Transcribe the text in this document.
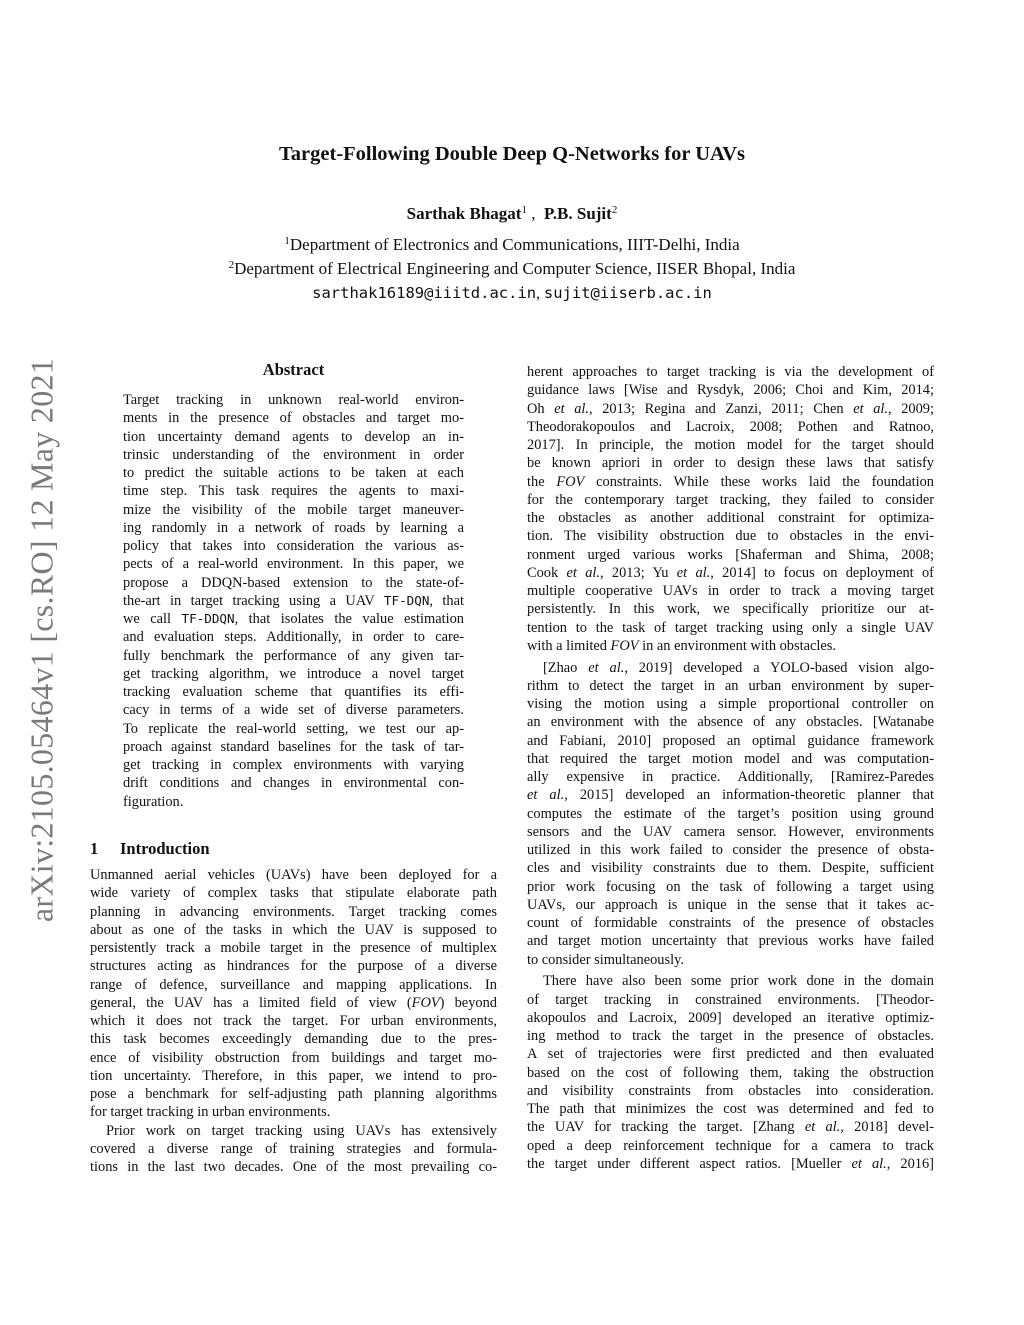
arXiv:2105.05464v1 [cs.RO] 12 May 2021
Target-Following Double Deep Q-Networks for UAVs
Sarthak Bhagat$^1$ , P.B. Sujit$^2$
$^1$Department of Electronics and Communications, IIIT-Delhi, India
$^2$Department of Electrical Engineering and Computer Science, IISER Bhopal, India
sarthak16189@iiitd.ac.in, sujit@iiserb.ac.in
Abstract
Target tracking in unknown real-world environ-
ments in the presence of obstacles and target mo-
tion uncertainty demand agents to develop an in-
trinsic understanding of the environment in order
to predict the suitable actions to be taken at each
time step. This task requires the agents to maxi-
mize the visibility of the mobile target maneuver-
ing randomly in a network of roads by learning a
policy that takes into consideration the various as-
pects of a real-world environment. In this paper, we
propose a DDQN-based extension to the state-of-
the-art in target tracking using a UAV TF-DQN, that
we call TF-DDQN, that isolates the value estimation
and evaluation steps. Additionally, in order to care-
fully benchmark the performance of any given tar-
get tracking algorithm, we introduce a novel target
tracking evaluation scheme that quantifies its effi-
cacy in terms of a wide set of diverse parameters.
To replicate the real-world setting, we test our ap-
proach against standard baselines for the task of tar-
get tracking in complex environments with varying
drift conditions and changes in environmental con-
figuration.
1 Introduction
Unmanned aerial vehicles (UAVs) have been deployed for a
wide variety of complex tasks that stipulate elaborate path
planning in advancing environments. Target tracking comes
about as one of the tasks in which the UAV is supposed to
persistently track a mobile target in the presence of multiplex
structures acting as hindrances for the purpose of a diverse
range of defence, surveillance and mapping applications. In
general, the UAV has a limited field of view (FOV) beyond
which it does not track the target. For urban environments,
this task becomes exceedingly demanding due to the pres-
ence of visibility obstruction from buildings and target mo-
tion uncertainty. Therefore, in this paper, we intend to pro-
pose a benchmark for self-adjusting path planning algorithms
for target tracking in urban environments.
Prior work on target tracking using UAVs has extensively
covered a diverse range of training strategies and formula-
tions in the last two decades. One of the most prevailing co-
herent approaches to target tracking is via the development of
guidance laws [Wise and Rysdyk, 2006; Choi and Kim, 2014;
Oh et al., 2013; Regina and Zanzi, 2011; Chen et al., 2009;
Theodorakopoulos and Lacroix, 2008; Pothen and Ratnoo,
2017]. In principle, the motion model for the target should
be known apriori in order to design these laws that satisfy
the FOV constraints. While these works laid the foundation
for the contemporary target tracking, they failed to consider
the obstacles as another additional constraint for optimiza-
tion. The visibility obstruction due to obstacles in the envi-
ronment urged various works [Shaferman and Shima, 2008;
Cook et al., 2013; Yu et al., 2014] to focus on deployment of
multiple cooperative UAVs in order to track a moving target
persistently. In this work, we specifically prioritize our at-
tention to the task of target tracking using only a single UAV
with a limited FOV in an environment with obstacles.
[Zhao et al., 2019] developed a YOLO-based vision algo-
rithm to detect the target in an urban environment by super-
vising the motion using a simple proportional controller on
an environment with the absence of any obstacles. [Watanabe
and Fabiani, 2010] proposed an optimal guidance framework
that required the target motion model and was computation-
ally expensive in practice. Additionally, [Ramirez-Paredes
et al., 2015] developed an information-theoretic planner that
computes the estimate of the target’s position using ground
sensors and the UAV camera sensor. However, environments
utilized in this work failed to consider the presence of obsta-
cles and visibility constraints due to them. Despite, sufficient
prior work focusing on the task of following a target using
UAVs, our approach is unique in the sense that it takes ac-
count of formidable constraints of the presence of obstacles
and target motion uncertainty that previous works have failed
to consider simultaneously.
There have also been some prior work done in the domain
of target tracking in constrained environments. [Theodor-
akopoulos and Lacroix, 2009] developed an iterative optimiz-
ing method to track the target in the presence of obstacles.
A set of trajectories were first predicted and then evaluated
based on the cost of following them, taking the obstruction
and visibility constraints from obstacles into consideration.
The path that minimizes the cost was determined and fed to
the UAV for tracking the target. [Zhang et al., 2018] devel-
oped a deep reinforcement technique for a camera to track
the target under different aspect ratios. [Mueller et al., 2016]
